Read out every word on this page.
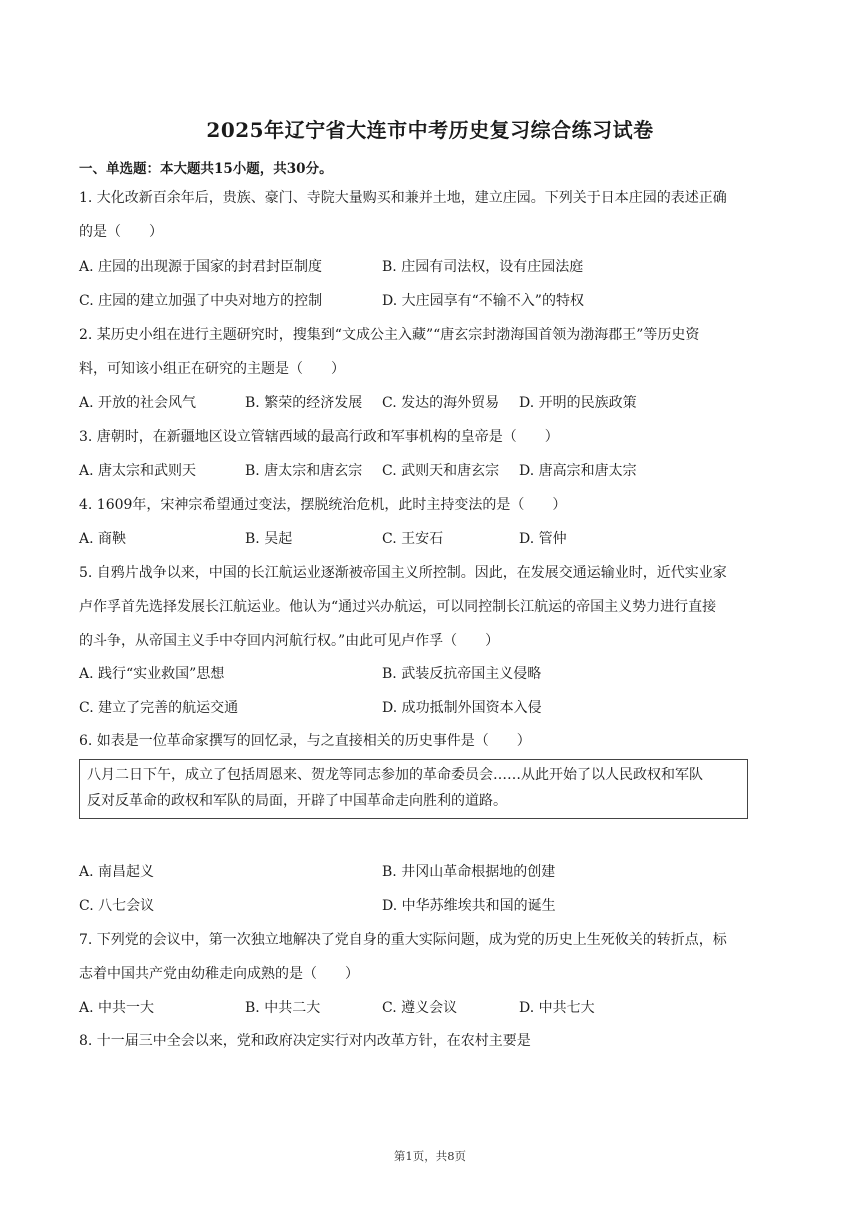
2025年辽宁省大连市中考历史复习综合练习试卷
一、单选题：本大题共15小题，共30分。
1. 大化改新百余年后，贵族、豪门、寺院大量购买和兼并土地，建立庄园。下列关于日本庄园的表述正确
的是（　　）
A. 庄园的出现源于国家的封君封臣制度	B. 庄园有司法权，设有庄园法庭
C. 庄园的建立加强了中央对地方的控制	D. 大庄园享有“不输不入”的特权
2. 某历史小组在进行主题研究时，搜集到“文成公主入藏”“唐玄宗封渤海国首领为渤海郡王”等历史资
料，可知该小组正在研究的主题是（　　）
A. 开放的社会风气	B. 繁荣的经济发展 C. 发达的海外贸易 D. 开明的民族政策
3. 唐朝时，在新疆地区设立管辖西域的最高行政和军事机构的皇帝是（　　）
A. 唐太宗和武则天	B. 唐太宗和唐玄宗 C. 武则天和唐玄宗 D. 唐高宗和唐太宗
4. 1609年，宋神宗希望通过变法，摆脱统治危机，此时主持变法的是（　　）
A. 商鞅	B. 吴起	C. 王安石	D. 管仲
5. 自鸦片战争以来，中国的长江航运业逐渐被帝国主义所控制。因此，在发展交通运输业时，近代实业家
卢作孚首先选择发展长江航运业。他认为“通过兴办航运，可以同控制长江航运的帝国主义势力进行直接
的斗争，从帝国主义手中夺回内河航行权。”由此可见卢作孚（　　）
A. 践行“实业救国”思想	B. 武装反抗帝国主义侵略
C. 建立了完善的航运交通	D. 成功抵制外国资本入侵
6. 如表是一位革命家撰写的回忆录，与之直接相关的历史事件是（　　）
八月二日下午，成立了包括周恩来、贺龙等同志参加的革命委员会……从此开始了以人民政权和军队
反对反革命的政权和军队的局面，开辟了中国革命走向胜利的道路。
A. 南昌起义	B. 井冈山革命根据地的创建
C. 八七会议	D. 中华苏维埃共和国的诞生
7. 下列党的会议中，第一次独立地解决了党自身的重大实际问题，成为党的历史上生死攸关的转折点，标
志着中国共产党由幼稚走向成熟的是（　　）
A. 中共一大	B. 中共二大	C. 遵义会议	D. 中共七大
8. 十一届三中全会以来，党和政府决定实行对内改革方针，在农村主要是
第1页，共8页
